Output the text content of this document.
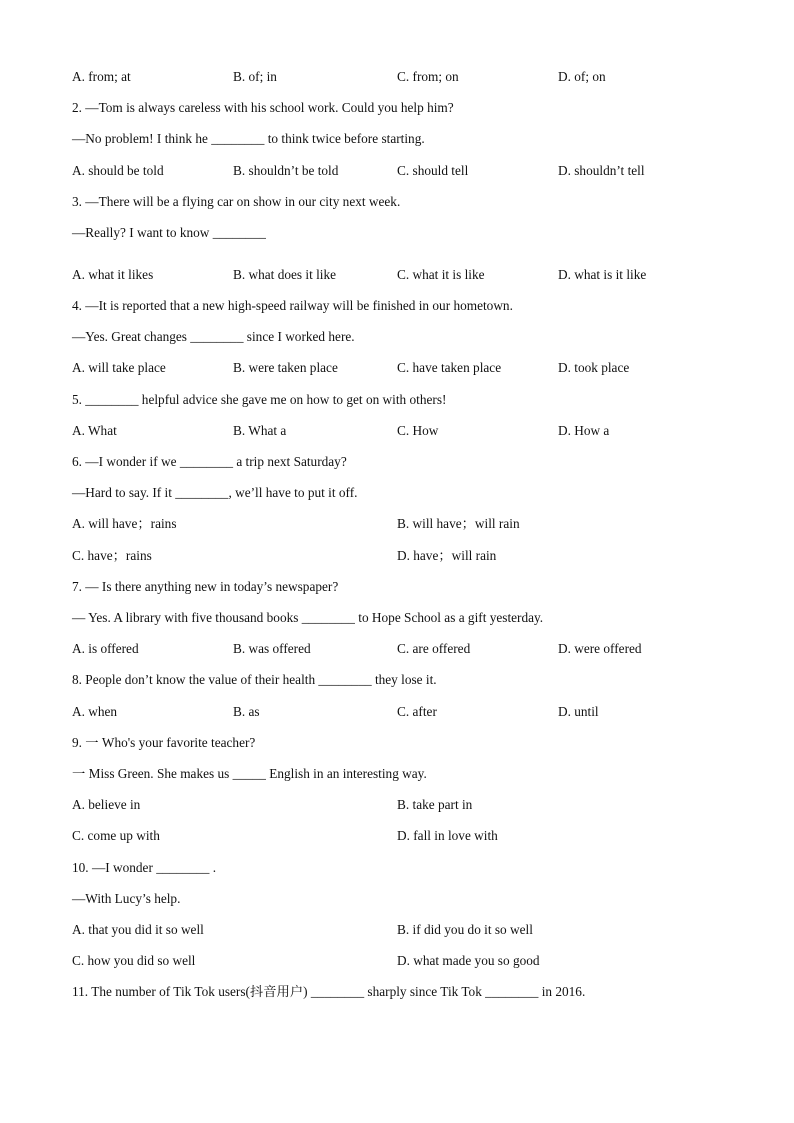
A. from; at	B. of; in	C. from; on	D. of; on
2. —Tom is always careless with his school work. Could you help him?
—No problem! I think he ________ to think twice before starting.
A. should be told	B. shouldn’t be told	C. should tell	D. shouldn’t tell
3. —There will be a flying car on show in our city next week.
—Really? I want to know ________
A. what it likes	B. what does it like	C. what it is like	D. what is it like
4. —It is reported that a new high-speed railway will be finished in our hometown.
—Yes. Great changes ________ since I worked here.
A. will take place	B. were taken place	C. have taken place	D. took place
5. ________ helpful advice she gave me on how to get on with others!
A. What	B. What a	C. How	D. How a
6. —I wonder if we ________ a trip next Saturday?
—Hard to say. If it ________, we’ll have to put it off.
A. will have；rains	B. will have；will rain
C. have；rains	D. have；will rain
7. — Is there anything new in today’s newspaper?
— Yes. A library with five thousand books ________ to Hope School as a gift yesterday.
A. is offered	B. was offered	C. are offered	D. were offered
8. People don’t know the value of their health ________ they lose it.
A. when	B. as	C. after	D. until
9. 一 Who's your favorite teacher?
一 Miss Green. She makes us _____ English in an interesting way.
A. believe in	B. take part in
C. come up with	D. fall in love with
10. —I wonder ________ .
—With Lucy’s help.
A. that you did it so well	B. if did you do it so well
C. how you did so well	D. what made you so good
11. The number of Tik Tok users(抖音用户) ________ sharply since Tik Tok ________ in 2016.
